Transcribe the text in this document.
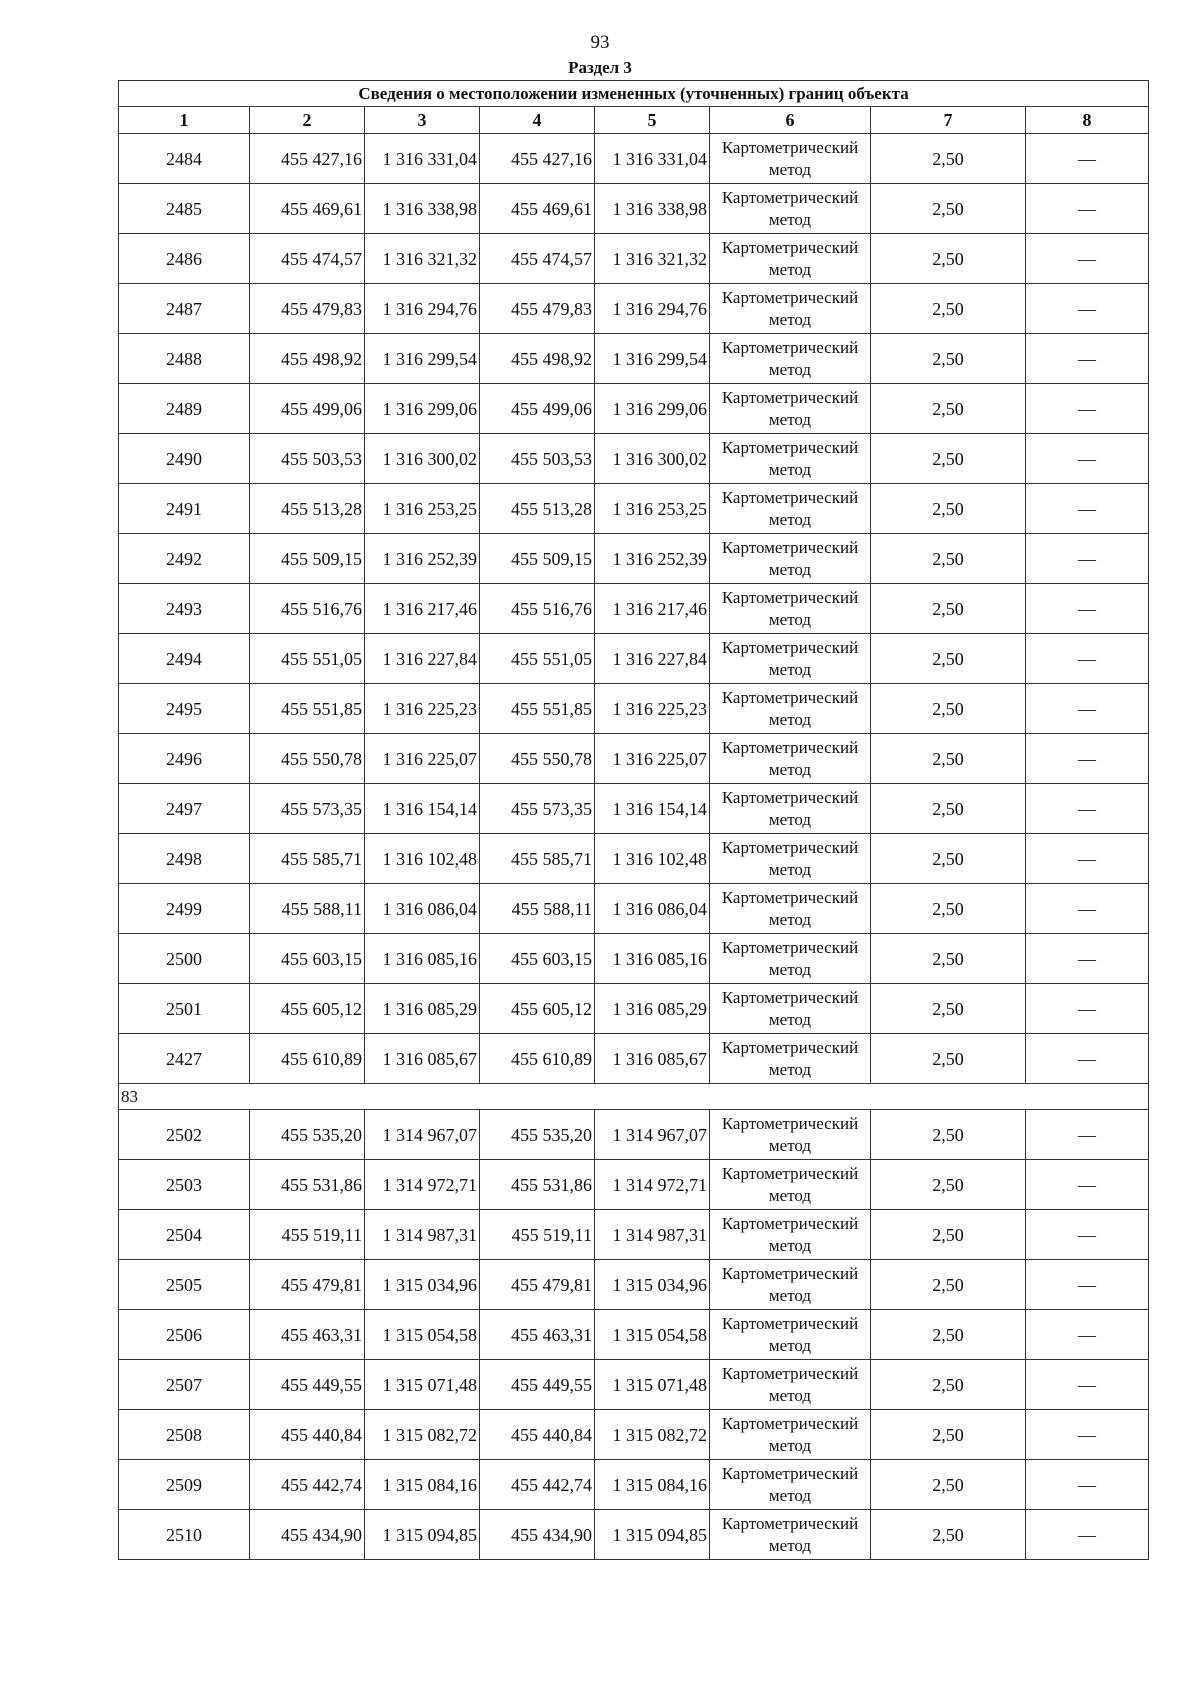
93
Раздел 3
Сведения о местоположении измененных (уточненных) границ объекта							
1	2	3	4	5	6	7	8
2484	455 427,16	1 316 331,04	455 427,16	1 316 331,04	Картометрический метод	2,50	—
2485	455 469,61	1 316 338,98	455 469,61	1 316 338,98	Картометрический метод	2,50	—
2486	455 474,57	1 316 321,32	455 474,57	1 316 321,32	Картометрический метод	2,50	—
2487	455 479,83	1 316 294,76	455 479,83	1 316 294,76	Картометрический метод	2,50	—
2488	455 498,92	1 316 299,54	455 498,92	1 316 299,54	Картометрический метод	2,50	—
2489	455 499,06	1 316 299,06	455 499,06	1 316 299,06	Картометрический метод	2,50	—
2490	455 503,53	1 316 300,02	455 503,53	1 316 300,02	Картометрический метод	2,50	—
2491	455 513,28	1 316 253,25	455 513,28	1 316 253,25	Картометрический метод	2,50	—
2492	455 509,15	1 316 252,39	455 509,15	1 316 252,39	Картометрический метод	2,50	—
2493	455 516,76	1 316 217,46	455 516,76	1 316 217,46	Картометрический метод	2,50	—
2494	455 551,05	1 316 227,84	455 551,05	1 316 227,84	Картометрический метод	2,50	—
2495	455 551,85	1 316 225,23	455 551,85	1 316 225,23	Картометрический метод	2,50	—
2496	455 550,78	1 316 225,07	455 550,78	1 316 225,07	Картометрический метод	2,50	—
2497	455 573,35	1 316 154,14	455 573,35	1 316 154,14	Картометрический метод	2,50	—
2498	455 585,71	1 316 102,48	455 585,71	1 316 102,48	Картометрический метод	2,50	—
2499	455 588,11	1 316 086,04	455 588,11	1 316 086,04	Картометрический метод	2,50	—
2500	455 603,15	1 316 085,16	455 603,15	1 316 085,16	Картометрический метод	2,50	—
2501	455 605,12	1 316 085,29	455 605,12	1 316 085,29	Картометрический метод	2,50	—
2427	455 610,89	1 316 085,67	455 610,89	1 316 085,67	Картометрический метод	2,50	—
83							
2502	455 535,20	1 314 967,07	455 535,20	1 314 967,07	Картометрический метод	2,50	—
2503	455 531,86	1 314 972,71	455 531,86	1 314 972,71	Картометрический метод	2,50	—
2504	455 519,11	1 314 987,31	455 519,11	1 314 987,31	Картометрический метод	2,50	—
2505	455 479,81	1 315 034,96	455 479,81	1 315 034,96	Картометрический метод	2,50	—
2506	455 463,31	1 315 054,58	455 463,31	1 315 054,58	Картометрический метод	2,50	—
2507	455 449,55	1 315 071,48	455 449,55	1 315 071,48	Картометрический метод	2,50	—
2508	455 440,84	1 315 082,72	455 440,84	1 315 082,72	Картометрический метод	2,50	—
2509	455 442,74	1 315 084,16	455 442,74	1 315 084,16	Картометрический метод	2,50	—
2510	455 434,90	1 315 094,85	455 434,90	1 315 094,85	Картометрический метод	2,50	—
